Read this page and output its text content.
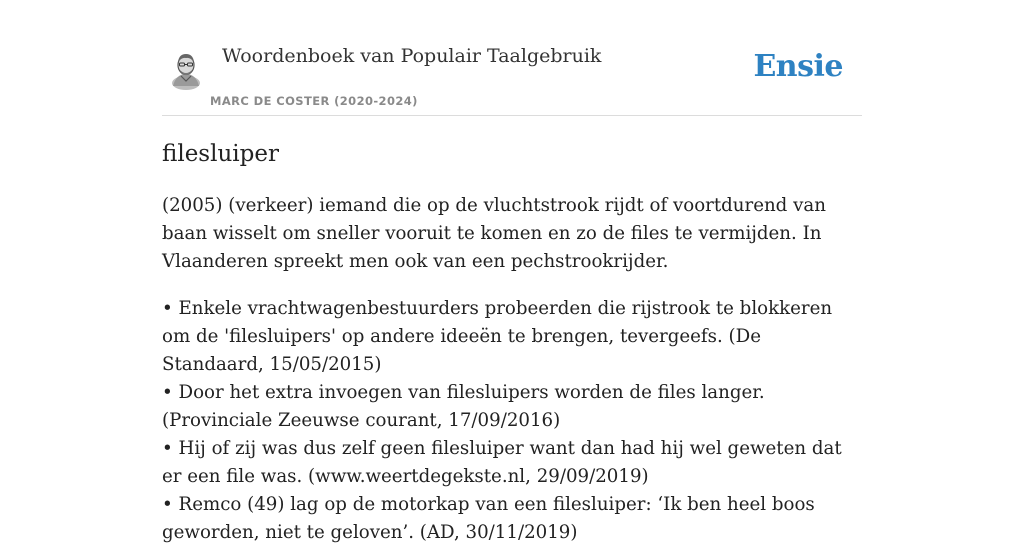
Woordenboek van Populair Taalgebruik
MARC DE COSTER (2020-2024)
Ensie
filesluiper

(2005) (verkeer) iemand die op de vluchtstrook rijdt of voortdurend van baan wisselt om sneller vooruit te komen en zo de files te vermijden. In Vlaanderen spreekt men ook van een pechstrookrijder.

• Enkele vrachtwagenbestuurders probeerden die rijstrook te blokkeren om de 'filesluipers' op andere ideeën te brengen, tevergeefs. (De Standaard, 15/05/2015)
• Door het extra invoegen van filesluipers worden de files langer. (Provinciale Zeeuwse courant, 17/09/2016)
• Hij of zij was dus zelf geen filesluiper want dan had hij wel geweten dat er een file was. (www.weertdegekste.nl, 29/09/2019)
• Remco (49) lag op de motorkap van een filesluiper: ‘Ik ben heel boos geworden, niet te geloven’. (AD, 30/11/2019)
